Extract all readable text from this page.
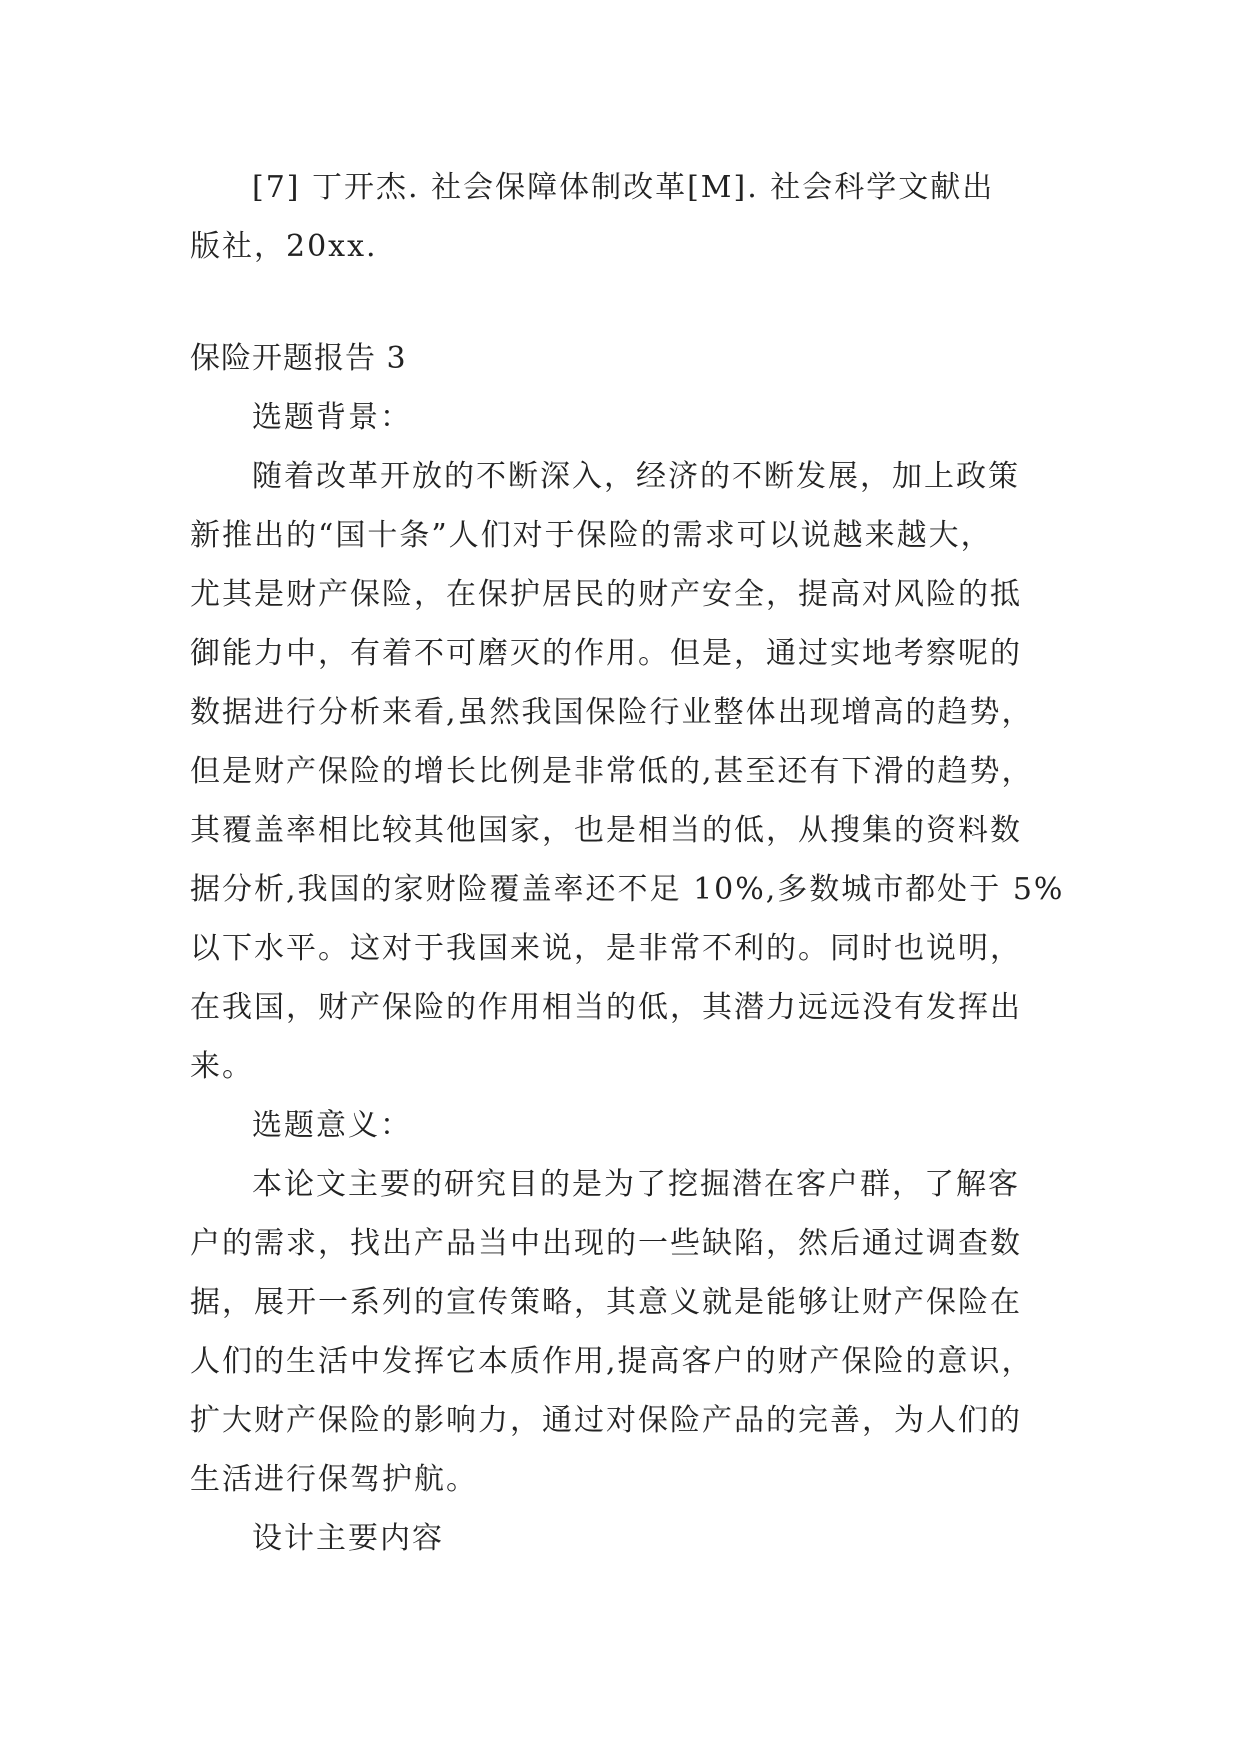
[7] 丁开杰. 社会保障体制改革[M]. 社会科学文献出
版社，20xx.
保险开题报告 3
选题背景：
随着改革开放的不断深入，经济的不断发展，加上政策
新推出的“国十条”人们对于保险的需求可以说越来越大，
尤其是财产保险，在保护居民的财产安全，提高对风险的抵
御能力中，有着不可磨灭的作用。但是，通过实地考察呢的
数据进行分析来看,虽然我国保险行业整体出现增高的趋势，
但是财产保险的增长比例是非常低的,甚至还有下滑的趋势，
其覆盖率相比较其他国家，也是相当的低，从搜集的资料数
据分析,我国的家财险覆盖率还不足 10%,多数城市都处于 5%
以下水平。这对于我国来说，是非常不利的。同时也说明，
在我国，财产保险的作用相当的低，其潜力远远没有发挥出
来。
选题意义：
本论文主要的研究目的是为了挖掘潜在客户群，了解客
户的需求，找出产品当中出现的一些缺陷，然后通过调查数
据，展开一系列的宣传策略，其意义就是能够让财产保险在
人们的生活中发挥它本质作用,提高客户的财产保险的意识，
扩大财产保险的影响力，通过对保险产品的完善，为人们的
生活进行保驾护航。
设计主要内容
